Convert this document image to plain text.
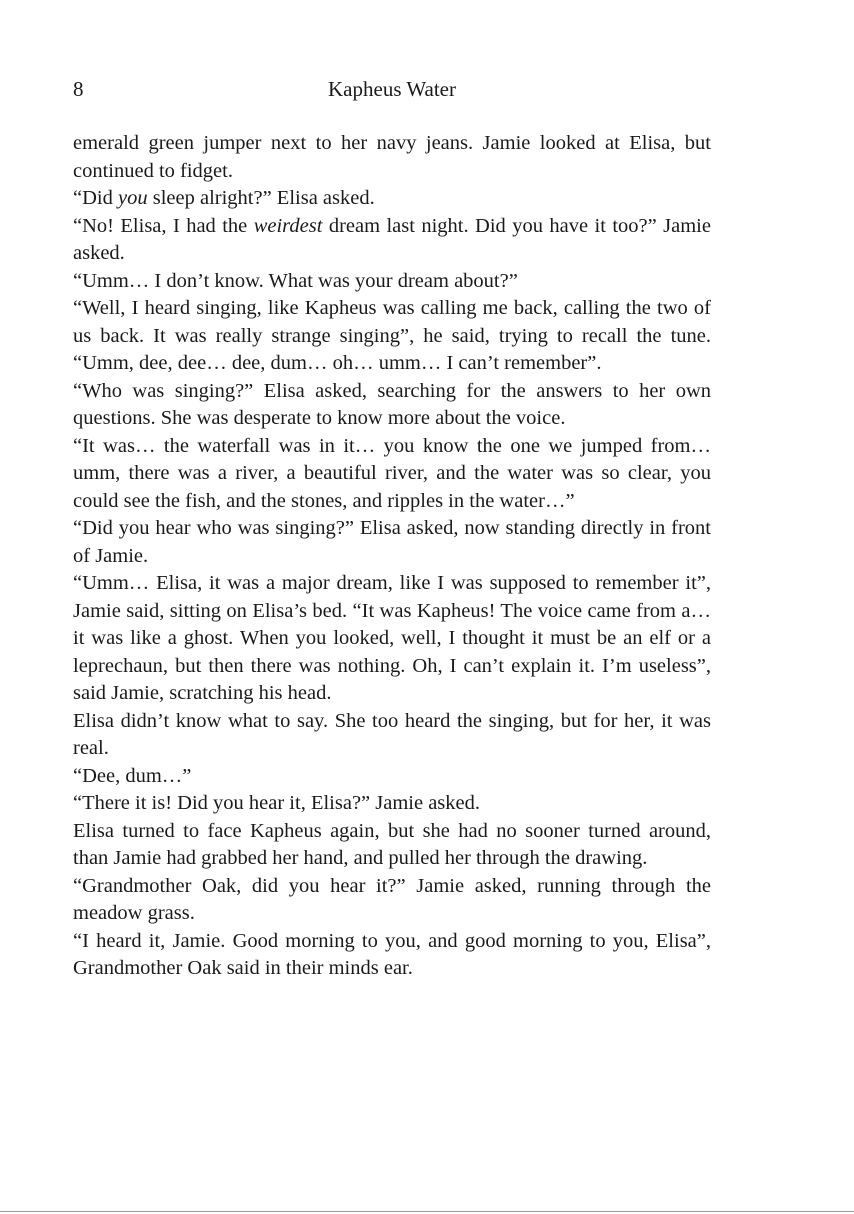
8	Kapheus Water

emerald green jumper next to her navy jeans. Jamie looked at Elisa, but continued to fidget.

“Did you sleep alright?” Elisa asked.

“No! Elisa, I had the weirdest dream last night. Did you have it too?” Jamie asked.

“Umm… I don’t know. What was your dream about?”

“Well, I heard singing, like Kapheus was calling me back, calling the two of us back. It was really strange singing”, he said, trying to recall the tune. “Umm, dee, dee… dee, dum… oh… umm… I can’t remember”.

“Who was singing?” Elisa asked, searching for the answers to her own questions. She was desperate to know more about the voice.

“It was… the waterfall was in it… you know the one we jumped from… umm, there was a river, a beautiful river, and the water was so clear, you could see the fish, and the stones, and ripples in the water…”

“Did you hear who was singing?” Elisa asked, now standing directly in front of Jamie.

“Umm… Elisa, it was a major dream, like I was supposed to remember it”, Jamie said, sitting on Elisa’s bed. “It was Kapheus! The voice came from a… it was like a ghost. When you looked, well, I thought it must be an elf or a leprechaun, but then there was nothing. Oh, I can’t explain it. I’m useless”, said Jamie, scratching his head.

Elisa didn’t know what to say. She too heard the singing, but for her, it was real.

“Dee, dum…”

“There it is! Did you hear it, Elisa?” Jamie asked.

Elisa turned to face Kapheus again, but she had no sooner turned around, than Jamie had grabbed her hand, and pulled her through the drawing.

“Grandmother Oak, did you hear it?” Jamie asked, running through the meadow grass.

“I heard it, Jamie. Good morning to you, and good morning to you, Elisa”, Grandmother Oak said in their minds ear.
